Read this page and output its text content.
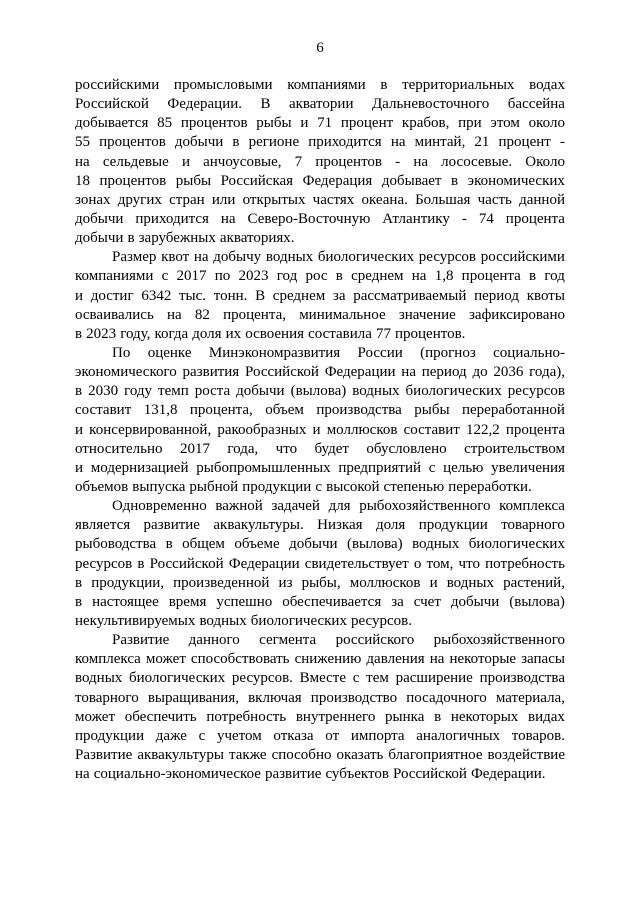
6
российскими промысловыми компаниями в территориальных водах
Российской Федерации. В акватории Дальневосточного бассейна
добывается 85 процентов рыбы и 71 процент крабов, при этом около
55 процентов добычи в регионе приходится на минтай, 21 процент -
на сельдевые и анчоусовые, 7 процентов - на лососевые. Около
18 процентов рыбы Российская Федерация добывает в экономических
зонах других стран или открытых частях океана. Большая часть данной
добычи приходится на Северо-Восточную Атлантику - 74 процента
добычи в зарубежных акваториях.
Размер квот на добычу водных биологических ресурсов российскими
компаниями с 2017 по 2023 год рос в среднем на 1,8 процента в год
и достиг 6342 тыс. тонн. В среднем за рассматриваемый период квоты
осваивались на 82 процента, минимальное значение зафиксировано
в 2023 году, когда доля их освоения составила 77 процентов.
По оценке Минэкономразвития России (прогноз социально-
экономического развития Российской Федерации на период до 2036 года),
в 2030 году темп роста добычи (вылова) водных биологических ресурсов
составит 131,8 процента, объем производства рыбы переработанной
и консервированной, ракообразных и моллюсков составит 122,2 процента
относительно 2017 года, что будет обусловлено строительством
и модернизацией рыбопромышленных предприятий с целью увеличения
объемов выпуска рыбной продукции с высокой степенью переработки.
Одновременно важной задачей для рыбохозяйственного комплекса
является развитие аквакультуры. Низкая доля продукции товарного
рыбоводства в общем объеме добычи (вылова) водных биологических
ресурсов в Российской Федерации свидетельствует о том, что потребность
в продукции, произведенной из рыбы, моллюсков и водных растений,
в настоящее время успешно обеспечивается за счет добычи (вылова)
некультивируемых водных биологических ресурсов.
Развитие данного сегмента российского рыбохозяйственного
комплекса может способствовать снижению давления на некоторые запасы
водных биологических ресурсов. Вместе с тем расширение производства
товарного выращивания, включая производство посадочного материала,
может обеспечить потребность внутреннего рынка в некоторых видах
продукции даже с учетом отказа от импорта аналогичных товаров.
Развитие аквакультуры также способно оказать благоприятное воздействие
на социально-экономическое развитие субъектов Российской Федерации.
